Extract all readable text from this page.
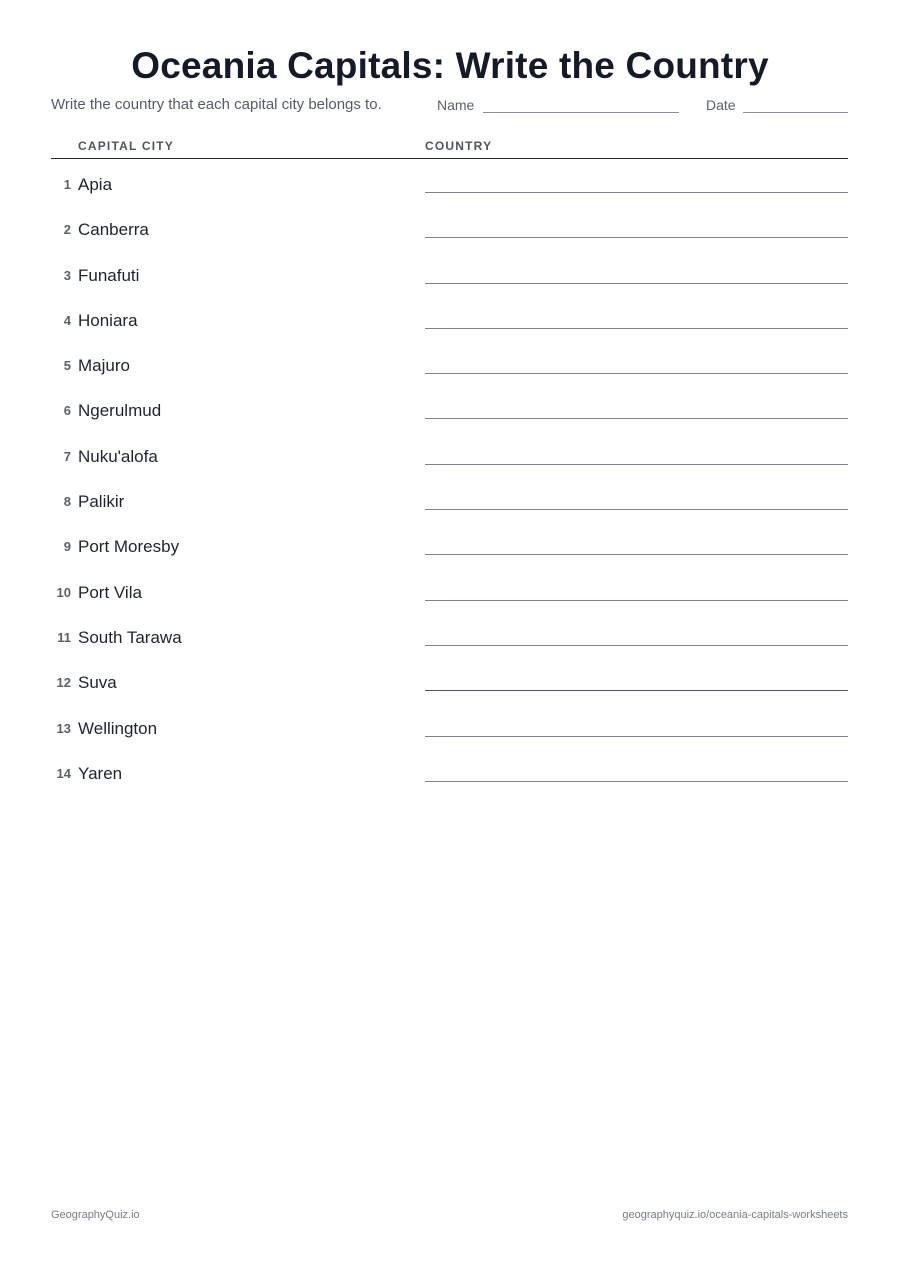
Oceania Capitals: Write the Country
Write the country that each capital city belongs to.	Name	Date
CAPITAL CITY	COUNTRY
1 Apia
2 Canberra
3 Funafuti
4 Honiara
5 Majuro
6 Ngerulmud
7 Nuku'alofa
8 Palikir
9 Port Moresby
10 Port Vila
11 South Tarawa
12 Suva
13 Wellington
14 Yaren
GeographyQuiz.io	geographyquiz.io/oceania-capitals-worksheets
